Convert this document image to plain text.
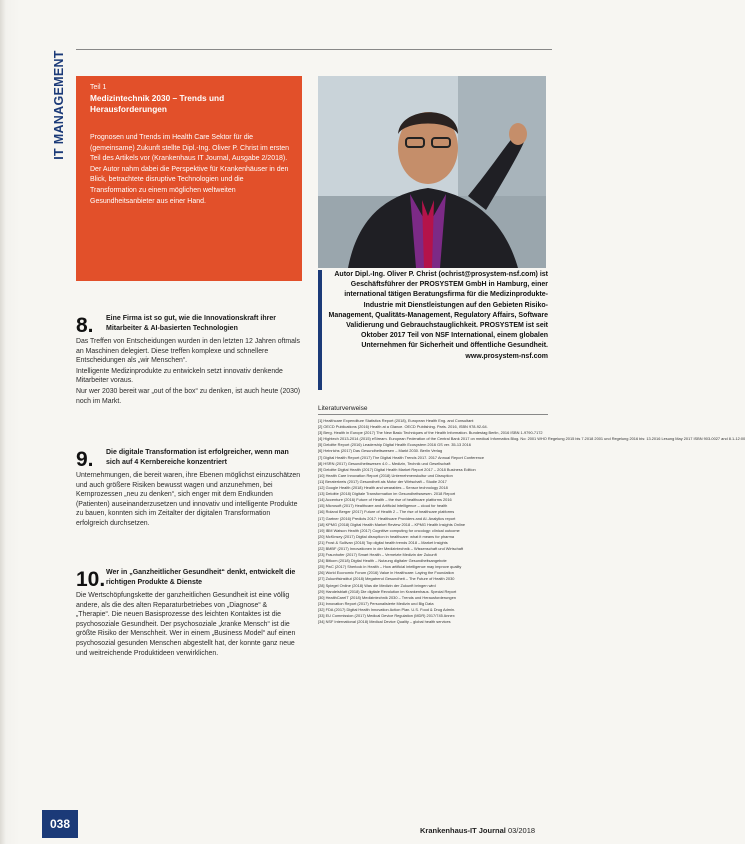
IT MANAGEMENT	Teil 1
Medizintechnik 2030 – Trends und Herausforderungen
Prognosen und Trends im Health Care Sektor für die (gemeinsame) Zukunft stellte Dipl.-Ing. Oliver P. Christ im ersten Teil des Artikels vor (Krankenhaus IT Journal, Ausgabe 2/2018). Der Autor nahm dabei die Perspektive für Krankenhäuser in den Blick, betrachtete disruptive Technologien und die Transformation zu einem möglichen weltweiten Gesundheitsanbieter aus einer Hand.
Autor Dipl.-Ing. Oliver P. Christ (ochrist@prosystem-nsf.com) ist Geschäftsführer der PROSYSTEM GmbH in Hamburg, einer international tätigen Beratungsfirma für die Medizinprodukte-Industrie mit Dienstleistungen auf den Gebieten Risiko-Management, Qualitäts-Management, Regulatory Affairs, Software Validierung und Gebrauchstauglichkeit. PROSYSTEM ist seit Oktober 2017 Teil von NSF International, einem globalen Unternehmen für Sicherheit und öffentliche Gesundheit. www.prosystem-nsf.com
8. Eine Firma ist so gut, wie die Innovationskraft ihrer Mitarbeiter & AI-basierten Technologien
Das Treffen von Entscheidungen wurden in den letzten 12 Jahren oftmals an Maschinen delegiert. Diese treffen komplexe und schnellere Entscheidungen als „wir Menschen“.
Intelligente Medizinprodukte zu entwickeln setzt innovativ denkende Mitarbeiter voraus.
Nur wer 2030 bereit war „out of the box“ zu denken, ist auch heute (2030) noch im Markt.
9. Die digitale Transformation ist erfolgreicher, wenn man sich auf 4 Kernbereiche konzentriert
Unternehmungen, die bereit waren, ihre Ebenen möglichst einzuschätzen und auch größere Risiken bewusst wagen und anzunehmen, bei Kernprozessen „neu zu denken“, sich enger mit dem Endkunden (Patienten) auseinanderzusetzen und innovativ und intelligente Produkte zu bauen, konnten sich im Zeitalter der digitalen Transformation erfolgreich durchsetzen.
10. Wer in „Ganzheitlicher Gesundheit“ denkt, entwickelt die richtigen Produkte & Dienste
Die Wertschöpfungskette der ganzheitlichen Gesundheit ist eine völlig andere, als die des alten Reparaturbetriebes von „Diagnose“ & „Therapie“. Die neuen Basisprozesse des leichten Kontaktes ist die psychosoziale Gesundheit. Der psychosoziale „kranke Mensch“ ist die größte Risiko der Menschheit. Wer in einem „Business Model“ auf einen psychosozial gesunden Menschen abgestellt hat, der konnte ganz neue und weitreichende Produktideen verwirklichen.
Literaturverweise
[1] Healthcare Expenditure Statistics Report (2018), European Health Eng. and Consultant
[2] OECD Publications (2016) Health at a Glance. OECD Publishing. Paris. 2016, ISBN 978-92-64.
[3] Berg. Health in Europe (2017) The New Basic Techniques of the Health Information. Bundestag Berlin, 2016 ISBN 1-9790-7172
[4] Hightech 2013-2014 (2015) eStream. European Federation of the Central Bank 2017 on medical Informatics Blog. No: 2001 WHO Regelung 2015 bis 7.2018 2001 und Regelung 2016 bis: 13.2016 Lesung May 2017 ISBN 903-0027 and 8.1-12:00
[5] Deloitte Report (2016) Leadership Digital Health Ecosystem 2016 GS ver. 35-13 2016
[6] Heinrichs (2017) Das Gesundheitswesen – Markt 2030. Berlin Verlag
[7] Digital Health Report (2017) The Digital Health Trends 2017. 2017 Annual Report Conference
[8] HSRN (2017) Gesundheitswesen 4.0 – Medizin, Technik und Gesellschaft
[9] Deloitte Digital Health (2017) Digital Health Market Report 2017 – 2018 Business Edition
[10] Health Care Innovation Report (2018) Unternehmenskultur und Disruption
[11] Beraterkreis (2017) Gesundheit als Motor der Wirtschaft – Studie 2017
[12] Google Health (2018) Health and wearables – Sensor technology 2018
[13] Deloitte (2018) Digitale Transformation im Gesundheitswesen. 2018 Report
[14] Accenture (2016) Future of Health – the rise of healthcare platforms 2016
[15] Microsoft (2017) Healthcare and Artificial Intelligence – cloud for health
[16] Roland Berger (2017) Future of Health 2 – The rise of healthcare platforms
[17] Gartner (2016) Predicts 2017: Healthcare Providers and AI. Analytics report
[18] KPMG (2018) Digital Health Market Review 2018 – KPMG Health Insights Online
[19] IBM Watson Health (2017) Cognitive computing for oncology: clinical outcome
[20] McKinsey (2017) Digital disruption in healthcare: what it means for pharma
[21] Frost & Sullivan (2018) Top digital health trends 2018 – Market Insights
[22] BMBF (2017) Innovationen in der Medizintechnik – Wissenschaft und Wirtschaft
[23] Fraunhofer (2017) Smart Health – Vernetzte Medizin der Zukunft
[24] Bitkom (2018) Digital Health – Nutzung digitaler Gesundheitsangebote
[25] PwC (2017) Sherlock in Health – How artificial intelligence may improve quality
[26] World Economic Forum (2016) Value in Healthcare: Laying the Foundation
[27] Zukunftsinstitut (2018) Megatrend Gesundheit – The Future of Health 2030
[28] Spiegel Online (2018) Was die Medizin der Zukunft bringen wird
[29] Handelsblatt (2018) Die digitale Revolution im Krankenhaus. Special Report
[30] HealthCareIT (2018) Medizintechnik 2030 – Trends und Herausforderungen
[31] Innovation Report (2017) Personalisierte Medizin und Big Data
[32] FDA (2017) Digital Health Innovation Action Plan. U.S. Food & Drug Admin.
[33] EU Commission (2017) Medical Device Regulation (MDR) 2017/745 Annex
[34] NSF International (2018) Medical Device Quality – global health services
038	Krankenhaus-IT Journal 03/2018
